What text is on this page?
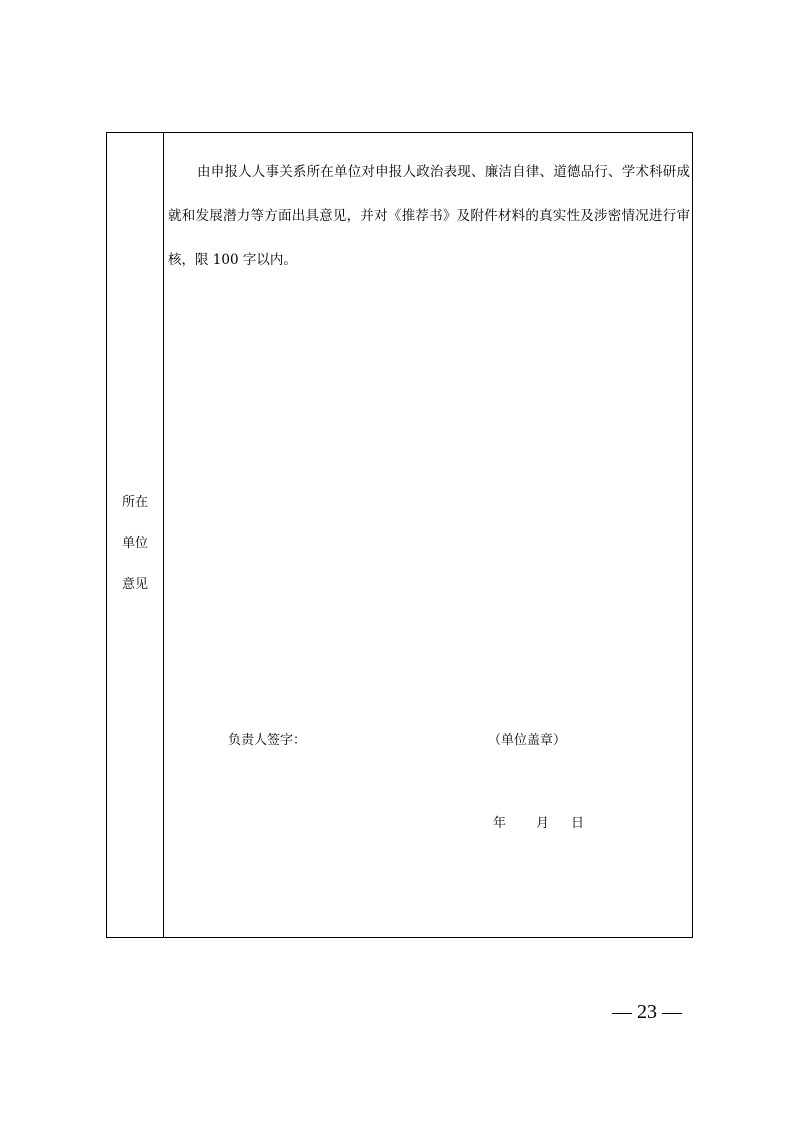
所在
单位
意见

由申报人人事关系所在单位对申报人政治表现、廉洁自律、道德品行、学术科研成就和发展潜力等方面出具意见，并对《推荐书》及附件材料的真实性及涉密情况进行审核，限 100 字以内。

负责人签字：	（单位盖章）
年 月 日
— 23 —
